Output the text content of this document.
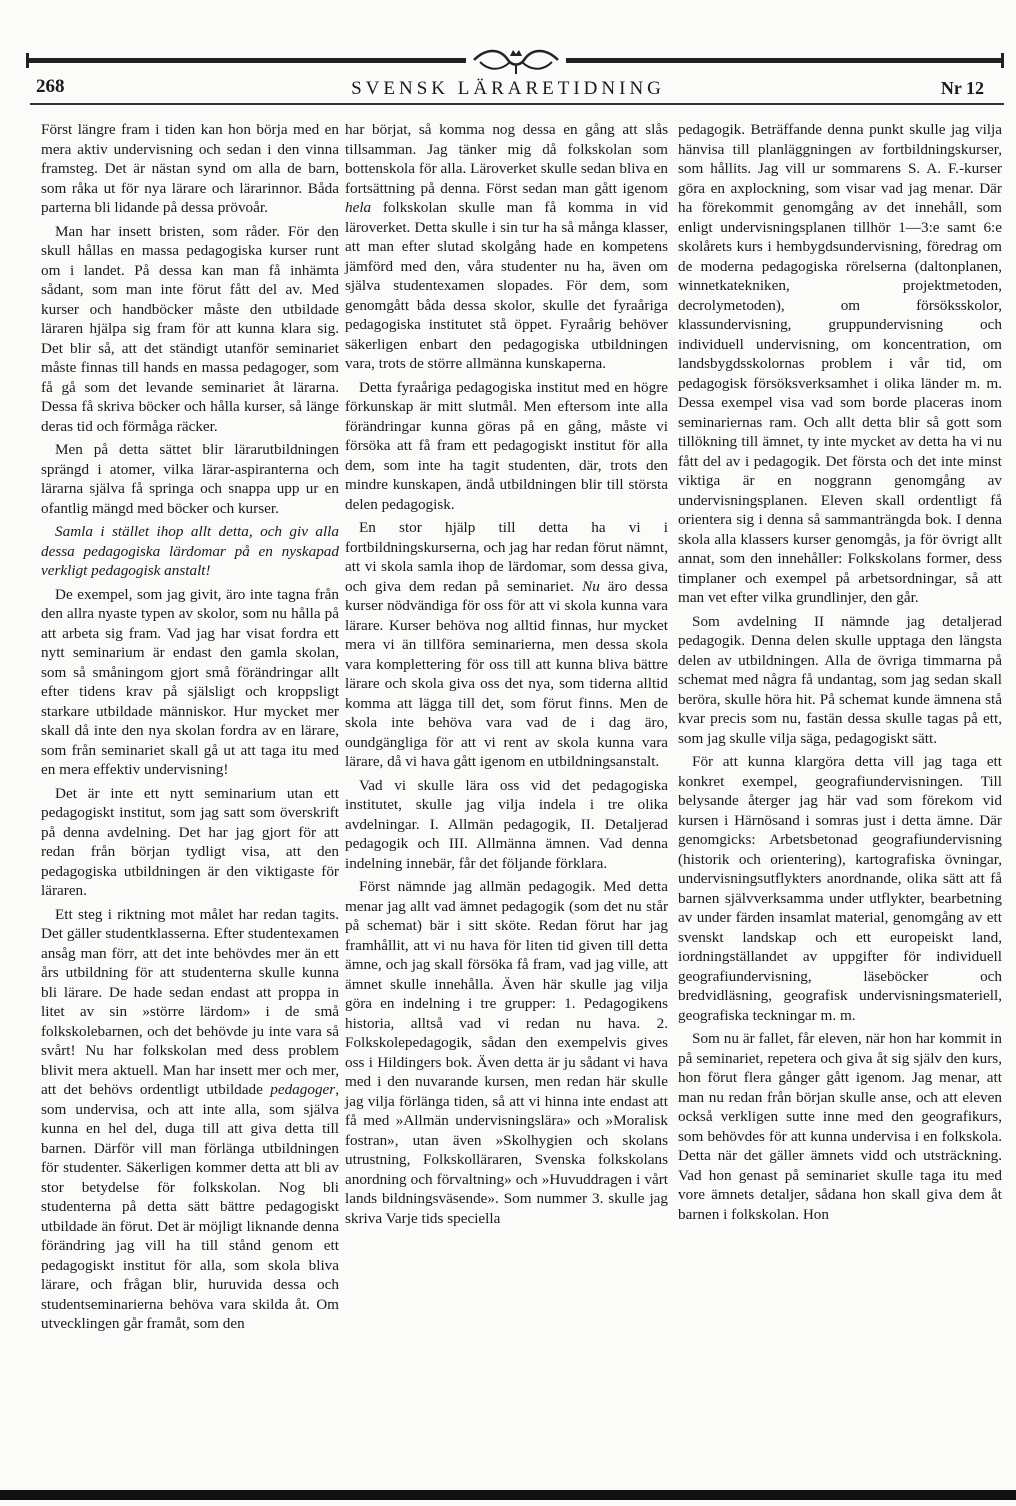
268	SVENSK LÄRARETIDNING	Nr 12

Först längre fram i tiden kan hon börja med en mera aktiv undervisning och sedan i den vinna framsteg. Det är nästan synd om alla de barn, som råka ut för nya lärare och lärarinnor. Båda parterna bli lidande på dessa prövoår.

Man har insett bristen, som råder. För den skull hållas en massa pedagogiska kurser runt om i landet. På dessa kan man få inhämta sådant, som man inte förut fått del av. Med kurser och handböcker måste den utbildade läraren hjälpa sig fram för att kunna klara sig. Det blir så, att det ständigt utanför seminariet måste finnas till hands en massa pedagoger, som få gå som det levande seminariet åt lärarna. Dessa få skriva böcker och hålla kurser, så länge deras tid och förmåga räcker.

Men på detta sättet blir lärarutbildningen sprängd i atomer, vilka lärar-aspiranterna och lärarna själva få springa och snappa upp ur en ofantlig mängd med böcker och kurser.

Samla i stället ihop allt detta, och giv alla dessa pedagogiska lärdomar på en nyskapad verkligt pedagogisk anstalt!

De exempel, som jag givit, äro inte tagna från den allra nyaste typen av skolor, som nu hålla på att arbeta sig fram. Vad jag har visat fordra ett nytt seminarium är endast den gamla skolan, som så småningom gjort små förändringar allt efter tidens krav på själsligt och kroppsligt starkare utbildade människor. Hur mycket mer skall då inte den nya skolan fordra av en lärare, som från seminariet skall gå ut att taga itu med en mera effektiv undervisning!

Det är inte ett nytt seminarium utan ett pedagogiskt institut, som jag satt som överskrift på denna avdelning. Det har jag gjort för att redan från början tydligt visa, att den pedagogiska utbildningen är den viktigaste för läraren.

Ett steg i riktning mot målet har redan tagits. Det gäller studentklasserna. Efter studentexamen ansåg man förr, att det inte behövdes mer än ett års utbildning för att studenterna skulle kunna bli lärare. De hade sedan endast att proppa in litet av sin »större lärdom» i de små folkskolebarnen, och det behövde ju inte vara så svårt! Nu har folkskolan med dess problem blivit mera aktuell. Man har insett mer och mer, att det behövs ordentligt utbildade pedagoger, som undervisa, och att inte alla, som själva kunna en hel del, duga till att giva detta till barnen. Därför vill man förlänga utbildningen för studenter. Säkerligen kommer detta att bli av stor betydelse för folkskolan. Nog bli studenterna på detta sätt bättre pedagogiskt utbildade än förut. Det är möjligt liknande denna förändring jag vill ha till stånd genom ett pedagogiskt institut för alla, som skola bliva lärare, och frågan blir, huruvida dessa och studentseminarierna behöva vara skilda åt. Om utvecklingen går framåt, som den

har börjat, så komma nog dessa en gång att slås tillsamman. Jag tänker mig då folkskolan som bottenskola för alla. Läroverket skulle sedan bliva en fortsättning på denna. Först sedan man gått igenom hela folkskolan skulle man få komma in vid läroverket. Detta skulle i sin tur ha så många klasser, att man efter slutad skolgång hade en kompetens jämförd med den, våra studenter nu ha, även om själva studentexamen slopades. För dem, som genomgått båda dessa skolor, skulle det fyraåriga pedagogiska institutet stå öppet. Fyraårig behöver säkerligen enbart den pedagogiska utbildningen vara, trots de större allmänna kunskaperna.

Detta fyraåriga pedagogiska institut med en högre förkunskap är mitt slutmål. Men eftersom inte alla förändringar kunna göras på en gång, måste vi försöka att få fram ett pedagogiskt institut för alla dem, som inte ha tagit studenten, där, trots den mindre kunskapen, ändå utbildningen blir till största delen pedagogisk.

En stor hjälp till detta ha vi i fortbildningskurserna, och jag har redan förut nämnt, att vi skola samla ihop de lärdomar, som dessa giva, och giva dem redan på seminariet. Nu äro dessa kurser nödvändiga för oss för att vi skola kunna vara lärare. Kurser behöva nog alltid finnas, hur mycket mera vi än tillföra seminarierna, men dessa skola vara komplettering för oss till att kunna bliva bättre lärare och skola giva oss det nya, som tiderna alltid komma att lägga till det, som förut finns. Men de skola inte behöva vara vad de i dag äro, oundgängliga för att vi rent av skola kunna vara lärare, då vi hava gått igenom en utbildningsanstalt.

Vad vi skulle lära oss vid det pedagogiska institutet, skulle jag vilja indela i tre olika avdelningar. I. Allmän pedagogik, II. Detaljerad pedagogik och III. Allmänna ämnen. Vad denna indelning innebär, får det följande förklara.

Först nämnde jag allmän pedagogik. Med detta menar jag allt vad ämnet pedagogik (som det nu står på schemat) bär i sitt sköte. Redan förut har jag framhållit, att vi nu hava för liten tid given till detta ämne, och jag skall försöka få fram, vad jag ville, att ämnet skulle innehålla. Även här skulle jag vilja göra en indelning i tre grupper: 1. Pedagogikens historia, alltså vad vi redan nu hava. 2. Folkskolepedagogik, sådan den exempelvis gives oss i Hildingers bok. Även detta är ju sådant vi hava med i den nuvarande kursen, men redan här skulle jag vilja förlänga tiden, så att vi hinna inte endast att få med »Allmän undervisningslära» och »Moralisk fostran», utan även »Skolhygien och skolans utrustning, Folkskolläraren, Svenska folkskolans anordning och förvaltning» och »Huvuddragen i vårt lands bildningsväsende». Som nummer 3. skulle jag skriva Varje tids speciella

pedagogik. Beträffande denna punkt skulle jag vilja hänvisa till planläggningen av fortbildningskurser, som hållits. Jag vill ur sommarens S. A. F.-kurser göra en axplockning, som visar vad jag menar. Där ha förekommit genomgång av det innehåll, som enligt undervisningsplanen tillhör 1—3:e samt 6:e skolårets kurs i hembygdsundervisning, föredrag om de moderna pedagogiska rörelserna (daltonplanen, winnetkatekniken, projektmetoden, decrolymetoden), om försöksskolor, klassundervisning, gruppundervisning och individuell undervisning, om koncentration, om landsbygdsskolornas problem i vår tid, om pedagogisk försöksverksamhet i olika länder m. m. Dessa exempel visa vad som borde placeras inom seminariernas ram. Och allt detta blir så gott som tillökning till ämnet, ty inte mycket av detta ha vi nu fått del av i pedagogik. Det första och det inte minst viktiga är en noggrann genomgång av undervisningsplanen. Eleven skall ordentligt få orientera sig i denna så sammanträngda bok. I denna skola alla klassers kurser genomgås, ja för övrigt allt annat, som den innehåller: Folkskolans former, dess timplaner och exempel på arbetsordningar, så att man vet efter vilka grundlinjer, den går.

Som avdelning II nämnde jag detaljerad pedagogik. Denna delen skulle upptaga den längsta delen av utbildningen. Alla de övriga timmarna på schemat med några få undantag, som jag sedan skall beröra, skulle höra hit. På schemat kunde ämnena stå kvar precis som nu, fastän dessa skulle tagas på ett, som jag skulle vilja säga, pedagogiskt sätt.

För att kunna klargöra detta vill jag taga ett konkret exempel, geografiundervisningen. Till belysande återger jag här vad som förekom vid kursen i Härnösand i somras just i detta ämne. Där genomgicks: Arbetsbetonad geografiundervisning (historik och orientering), kartografiska övningar, undervisningsutflykters anordnande, olika sätt att få barnen självverksamma under utflykter, bearbetning av under färden insamlat material, genomgång av ett svenskt landskap och ett europeiskt land, iordningställandet av uppgifter för individuell geografiundervisning, läseböcker och bredvidläsning, geografisk undervisningsmateriell, geografiska teckningar m. m.

Som nu är fallet, får eleven, när hon har kommit in på seminariet, repetera och giva åt sig själv den kurs, hon förut flera gånger gått igenom. Jag menar, att man nu redan från början skulle anse, och att eleven också verkligen sutte inne med den geografikurs, som behövdes för att kunna undervisa i en folkskola. Detta när det gäller ämnets vidd och utsträckning. Vad hon genast på seminariet skulle taga itu med vore ämnets detaljer, sådana hon skall giva dem åt barnen i folkskolan. Hon
